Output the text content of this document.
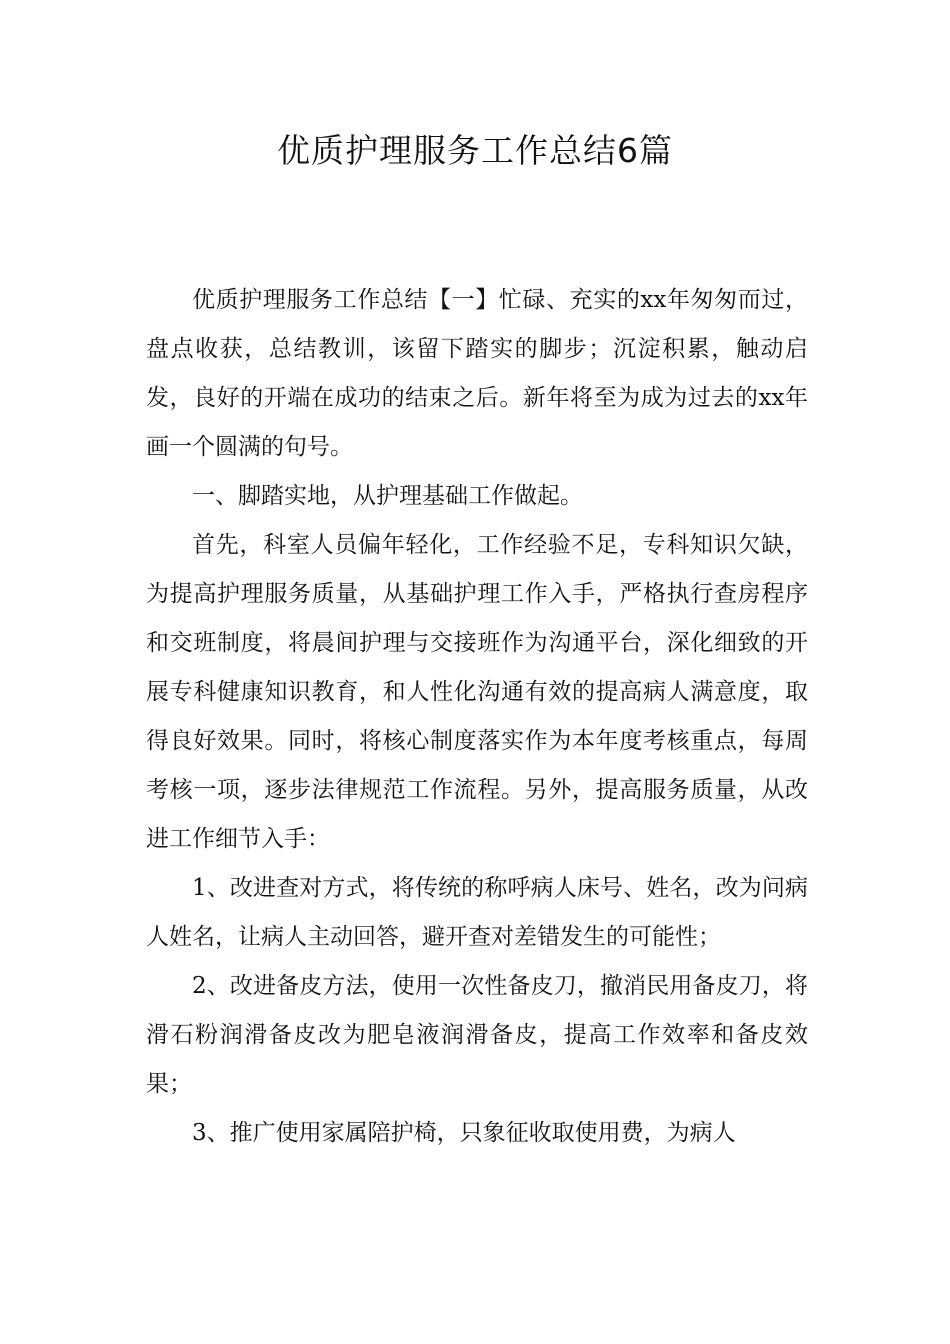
优质护理服务工作总结6篇

优质护理服务工作总结【一】忙碌、充实的xx年匆匆而过，盘点收获，总结教训，该留下踏实的脚步；沉淀积累，触动启发，良好的开端在成功的结束之后。新年将至为成为过去的xx年画一个圆满的句号。

一、脚踏实地，从护理基础工作做起。

首先，科室人员偏年轻化，工作经验不足，专科知识欠缺，为提高护理服务质量，从基础护理工作入手，严格执行查房程序和交班制度，将晨间护理与交接班作为沟通平台，深化细致的开展专科健康知识教育，和人性化沟通有效的提高病人满意度，取得良好效果。同时，将核心制度落实作为本年度考核重点，每周考核一项，逐步法律规范工作流程。另外，提高服务质量，从改进工作细节入手：

1、改进查对方式，将传统的称呼病人床号、姓名，改为问病人姓名，让病人主动回答，避开查对差错发生的可能性；

2、改进备皮方法，使用一次性备皮刀，撤消民用备皮刀，将滑石粉润滑备皮改为肥皂液润滑备皮，提高工作效率和备皮效果；

3、推广使用家属陪护椅，只象征收取使用费，为病人
